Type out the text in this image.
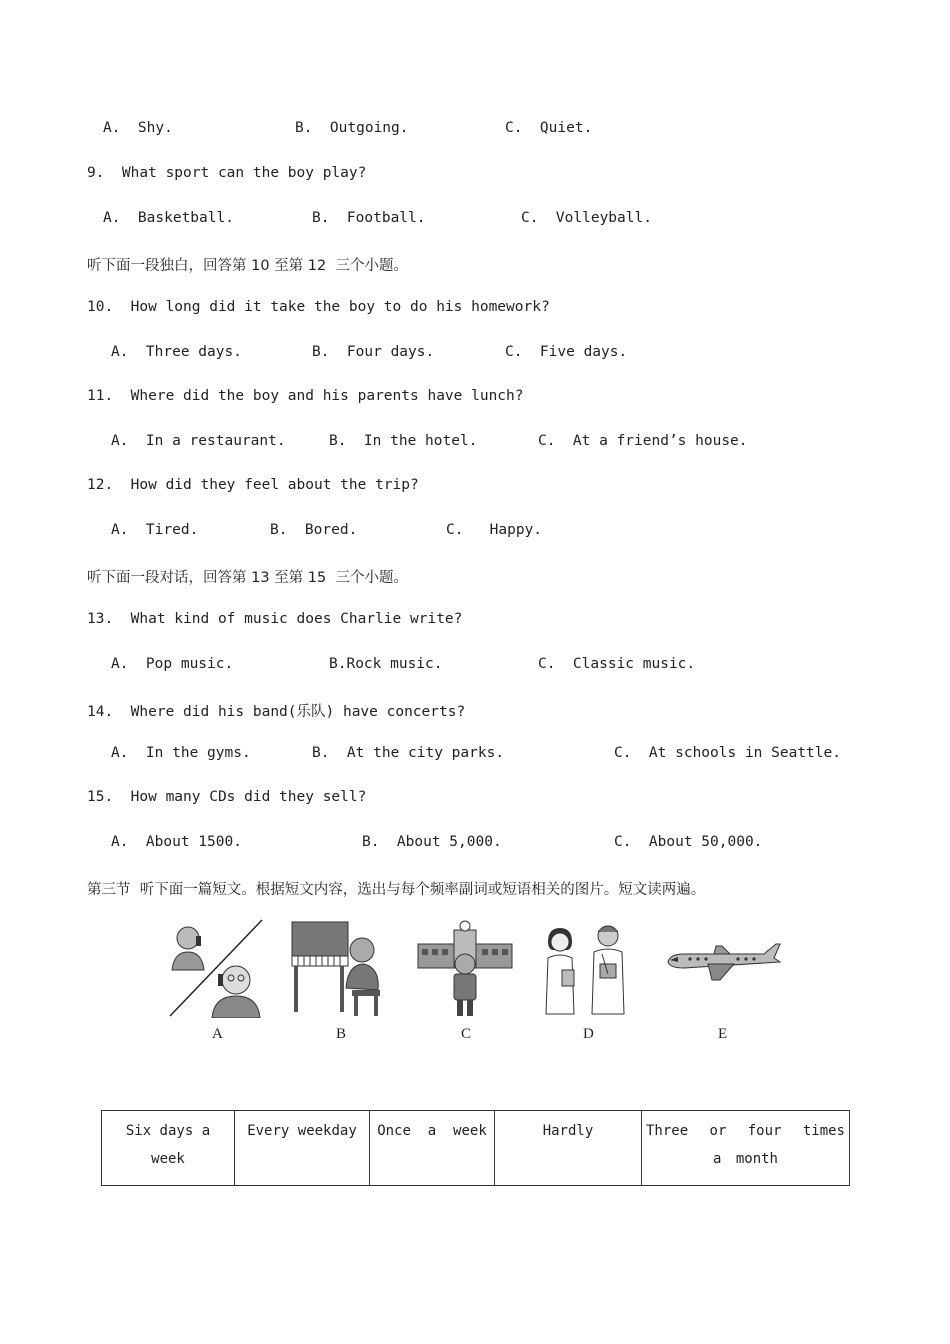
A.  Shy.	B.  Outgoing.	C.  Quiet.
9.  What sport can the boy play?
A.  Basketball.	B.  Football.	C.  Volleyball.
听下面一段独白，回答第 10 至第 12  三个小题。
10.  How long did it take the boy to do his homework?
A.  Three days.	B.  Four days.	C.  Five days.
11.  Where did the boy and his parents have lunch?
A.  In a restaurant.	B.  In the hotel.	C.  At a friend’s house.
12.  How did they feel about the trip?
A.  Tired.	B.  Bored.	C.   Happy.
听下面一段对话，回答第 13 至第 15  三个小题。
13.  What kind of music does Charlie write?
A.  Pop music.	B.Rock music.	C.  Classic music.
14.  Where did his band(乐队) have concerts?
A.  In the gyms.	B.  At the city parks.	C.  At schools in Seattle.
15.  How many CDs did they sell?
A.  About 1500.	B.  About 5,000.	C.  About 50,000.
第三节  听下面一篇短文。根据短文内容，选出与每个频率副词或短语相关的图片。短文读两遍。
A	B	C	D	E
Six days a week	Every weekday	Once  a  week	Hardly	Three or four times a month
